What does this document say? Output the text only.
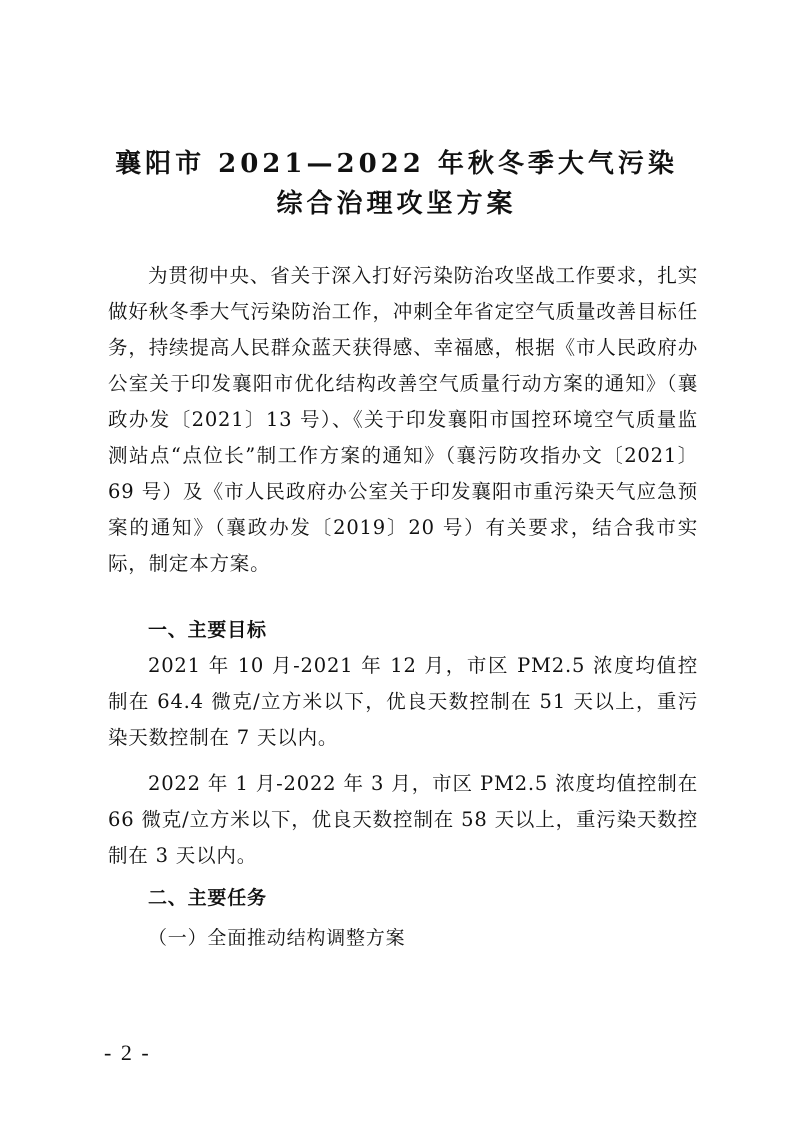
襄阳市 2021—2022 年秋冬季大气污染
综合治理攻坚方案
为贯彻中央、省关于深入打好污染防治攻坚战工作要求，扎实做好秋冬季大气污染防治工作，冲刺全年省定空气质量改善目标任务，持续提高人民群众蓝天获得感、幸福感，根据《市人民政府办公室关于印发襄阳市优化结构改善空气质量行动方案的通知》（襄政办发〔2021〕13 号）、《关于印发襄阳市国控环境空气质量监测站点“点位长”制工作方案的通知》（襄污防攻指办文〔2021〕69 号）及《市人民政府办公室关于印发襄阳市重污染天气应急预案的通知》（襄政办发〔2019〕20 号）有关要求，结合我市实际，制定本方案。
一、主要目标
2021 年 10 月-2021 年 12 月，市区 PM2.5 浓度均值控制在 64.4 微克/立方米以下，优良天数控制在 51 天以上，重污染天数控制在 7 天以内。
2022 年 1 月-2022 年 3 月，市区 PM2.5 浓度均值控制在 66 微克/立方米以下，优良天数控制在 58 天以上，重污染天数控制在 3 天以内。
二、主要任务
（一）全面推动结构调整方案
- 2 -
